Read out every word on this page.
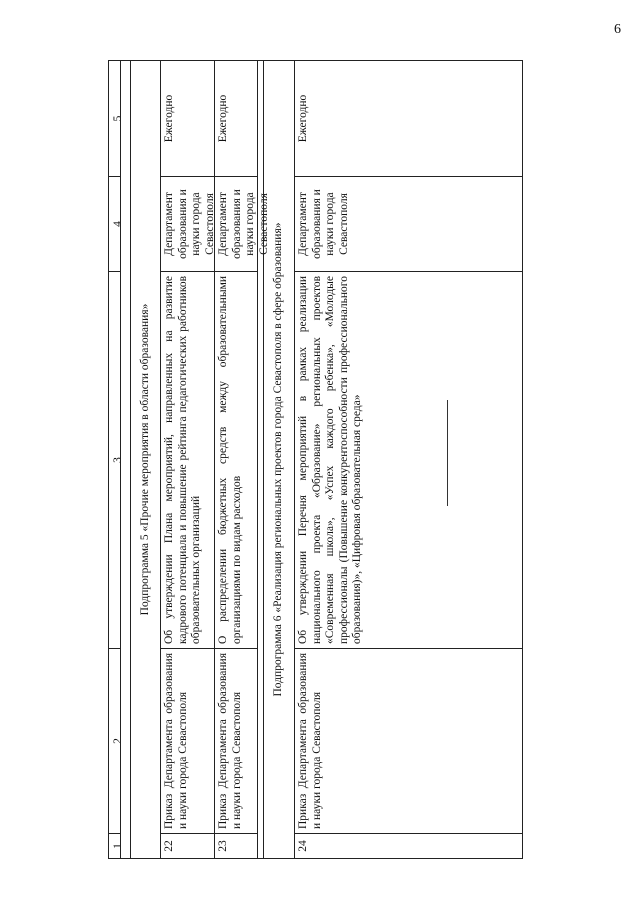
6
1
2
3
4
5
Подпрограмма 5 «Прочие мероприятия в области образования»
22
Приказ Департамента образования и науки города Севастополя
Об утверждении Плана мероприятий, направленных на развитие кадрового потенциала и повышение рейтинга педагогических работников образовательных организаций
Департамент образования и науки города Севастополя
Ежегодно
23
Приказ Департамента образования и науки города Севастополя
О распределении бюджетных средств между образовательными организациями по видам расходов
Департамент образования и науки города Севастополя
Ежегодно
Подпрограмма 6 «Реализация региональных проектов города Севастополя в сфере образования»
24
Приказ Департамента образования и науки города Севастополя
Об утверждении Перечня мероприятий в рамках реализации национального проекта «Образование» региональных проектов «Современная школа», «Успех каждого ребенка», «Молодые профессионалы (Повышение конкурентоспособности профессионального образования)», «Цифровая образовательная среда»
Департамент образования и науки города Севастополя
Ежегодно
